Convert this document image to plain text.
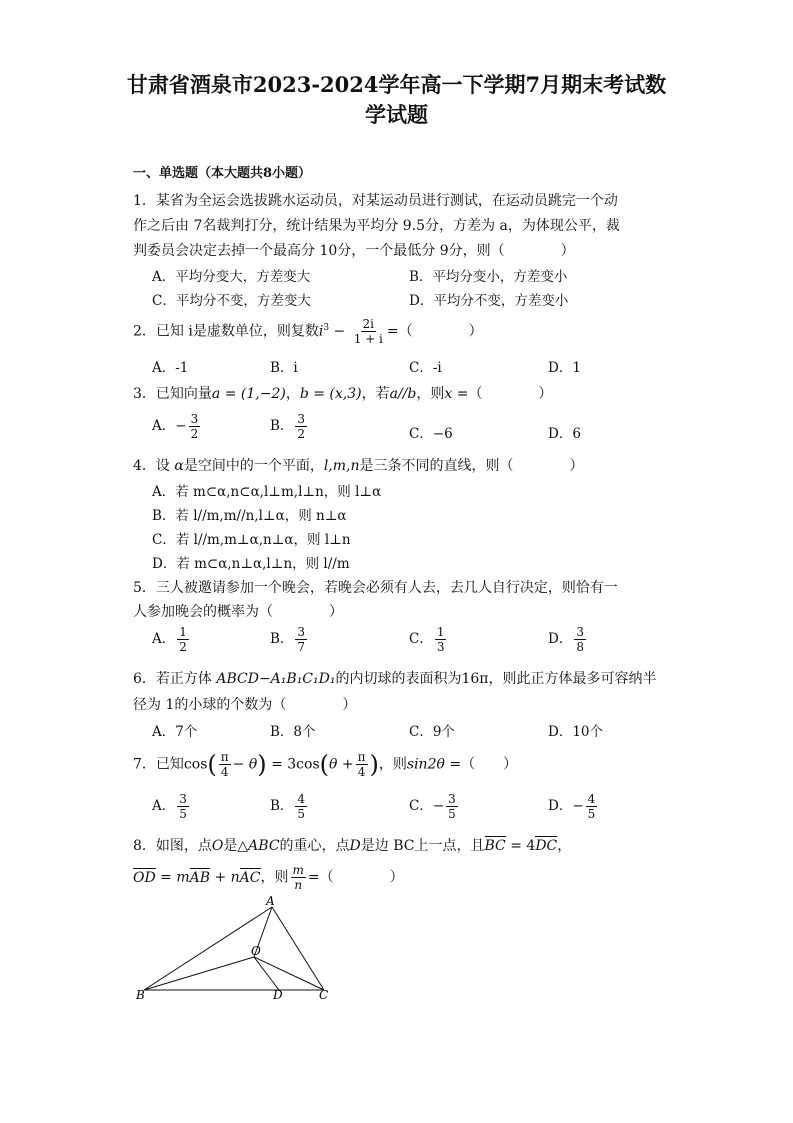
甘肃省酒泉市2023-2024学年高一下学期7月期末考试数
学试题
一、单选题（本大题共8小题）
1．某省为全运会选拔跳水运动员，对某运动员进行测试，在运动员跳完一个动
作之后由 7名裁判打分，统计结果为平均分 9.5分，方差为 a，为体现公平，裁
判委员会决定去掉一个最高分 10分，一个最低分 9分，则（　　　　）
A．平均分变大，方差变大	B．平均分变小，方差变小
C．平均分不变，方差变大	D．平均分不变，方差变小
2．已知 i是虚数单位，则复数$i^3 - \frac{2i}{1 + i}$ =（　　　　）
A．-1	B．i	C．-i	D．1
3．已知向量a = (1,−2)，b = (x,3)，若a//b，则x =（　　　　）
A．− $\frac{3}{2}$	B． $\frac{3}{2}$	C．−6	D．6
4．设 α是空间中的一个平面，l,m,n是三条不同的直线，则（　　　　）
A．若 m⊂α,n⊂α,l⊥m,l⊥n，则 l⊥α
B．若 l//m,m//n,l⊥α，则 n⊥α
C．若 l//m,m⊥α,n⊥α，则 l⊥n
D．若 m⊂α,n⊥α,l⊥n，则 l//m
5．三人被邀请参加一个晚会，若晚会必须有人去，去几人自行决定，则恰有一
人参加晚会的概率为（　　　　）
A． $\frac{1}{2}$	B． $\frac{3}{7}$	C． $\frac{1}{3}$	D． $\frac{3}{8}$
6．若正方体 ABCD−A₁B₁C₁D₁的内切球的表面积为16π，则此正方体最多可容纳半
径为 1的小球的个数为（　　　　）
A．7个	B．8个	C．9个	D．10个
7．已知$\cos( \frac{\pi}{4} - \theta) = 3\cos(\theta + \frac{\pi}{4}$ )，则sin2θ =（　　）
A． $\frac{3}{5}$	B． $\frac{4}{5}$	C．− $\frac{3}{5}$	D．− $\frac{4}{5}$
8．如图，点O是△ABC的重心，点D是边 BC上一点，且BC = 4DC，
OD = mAB + nAC，则 $\frac{m}{n}$ =（　　　　）
A
B	C
D
O
